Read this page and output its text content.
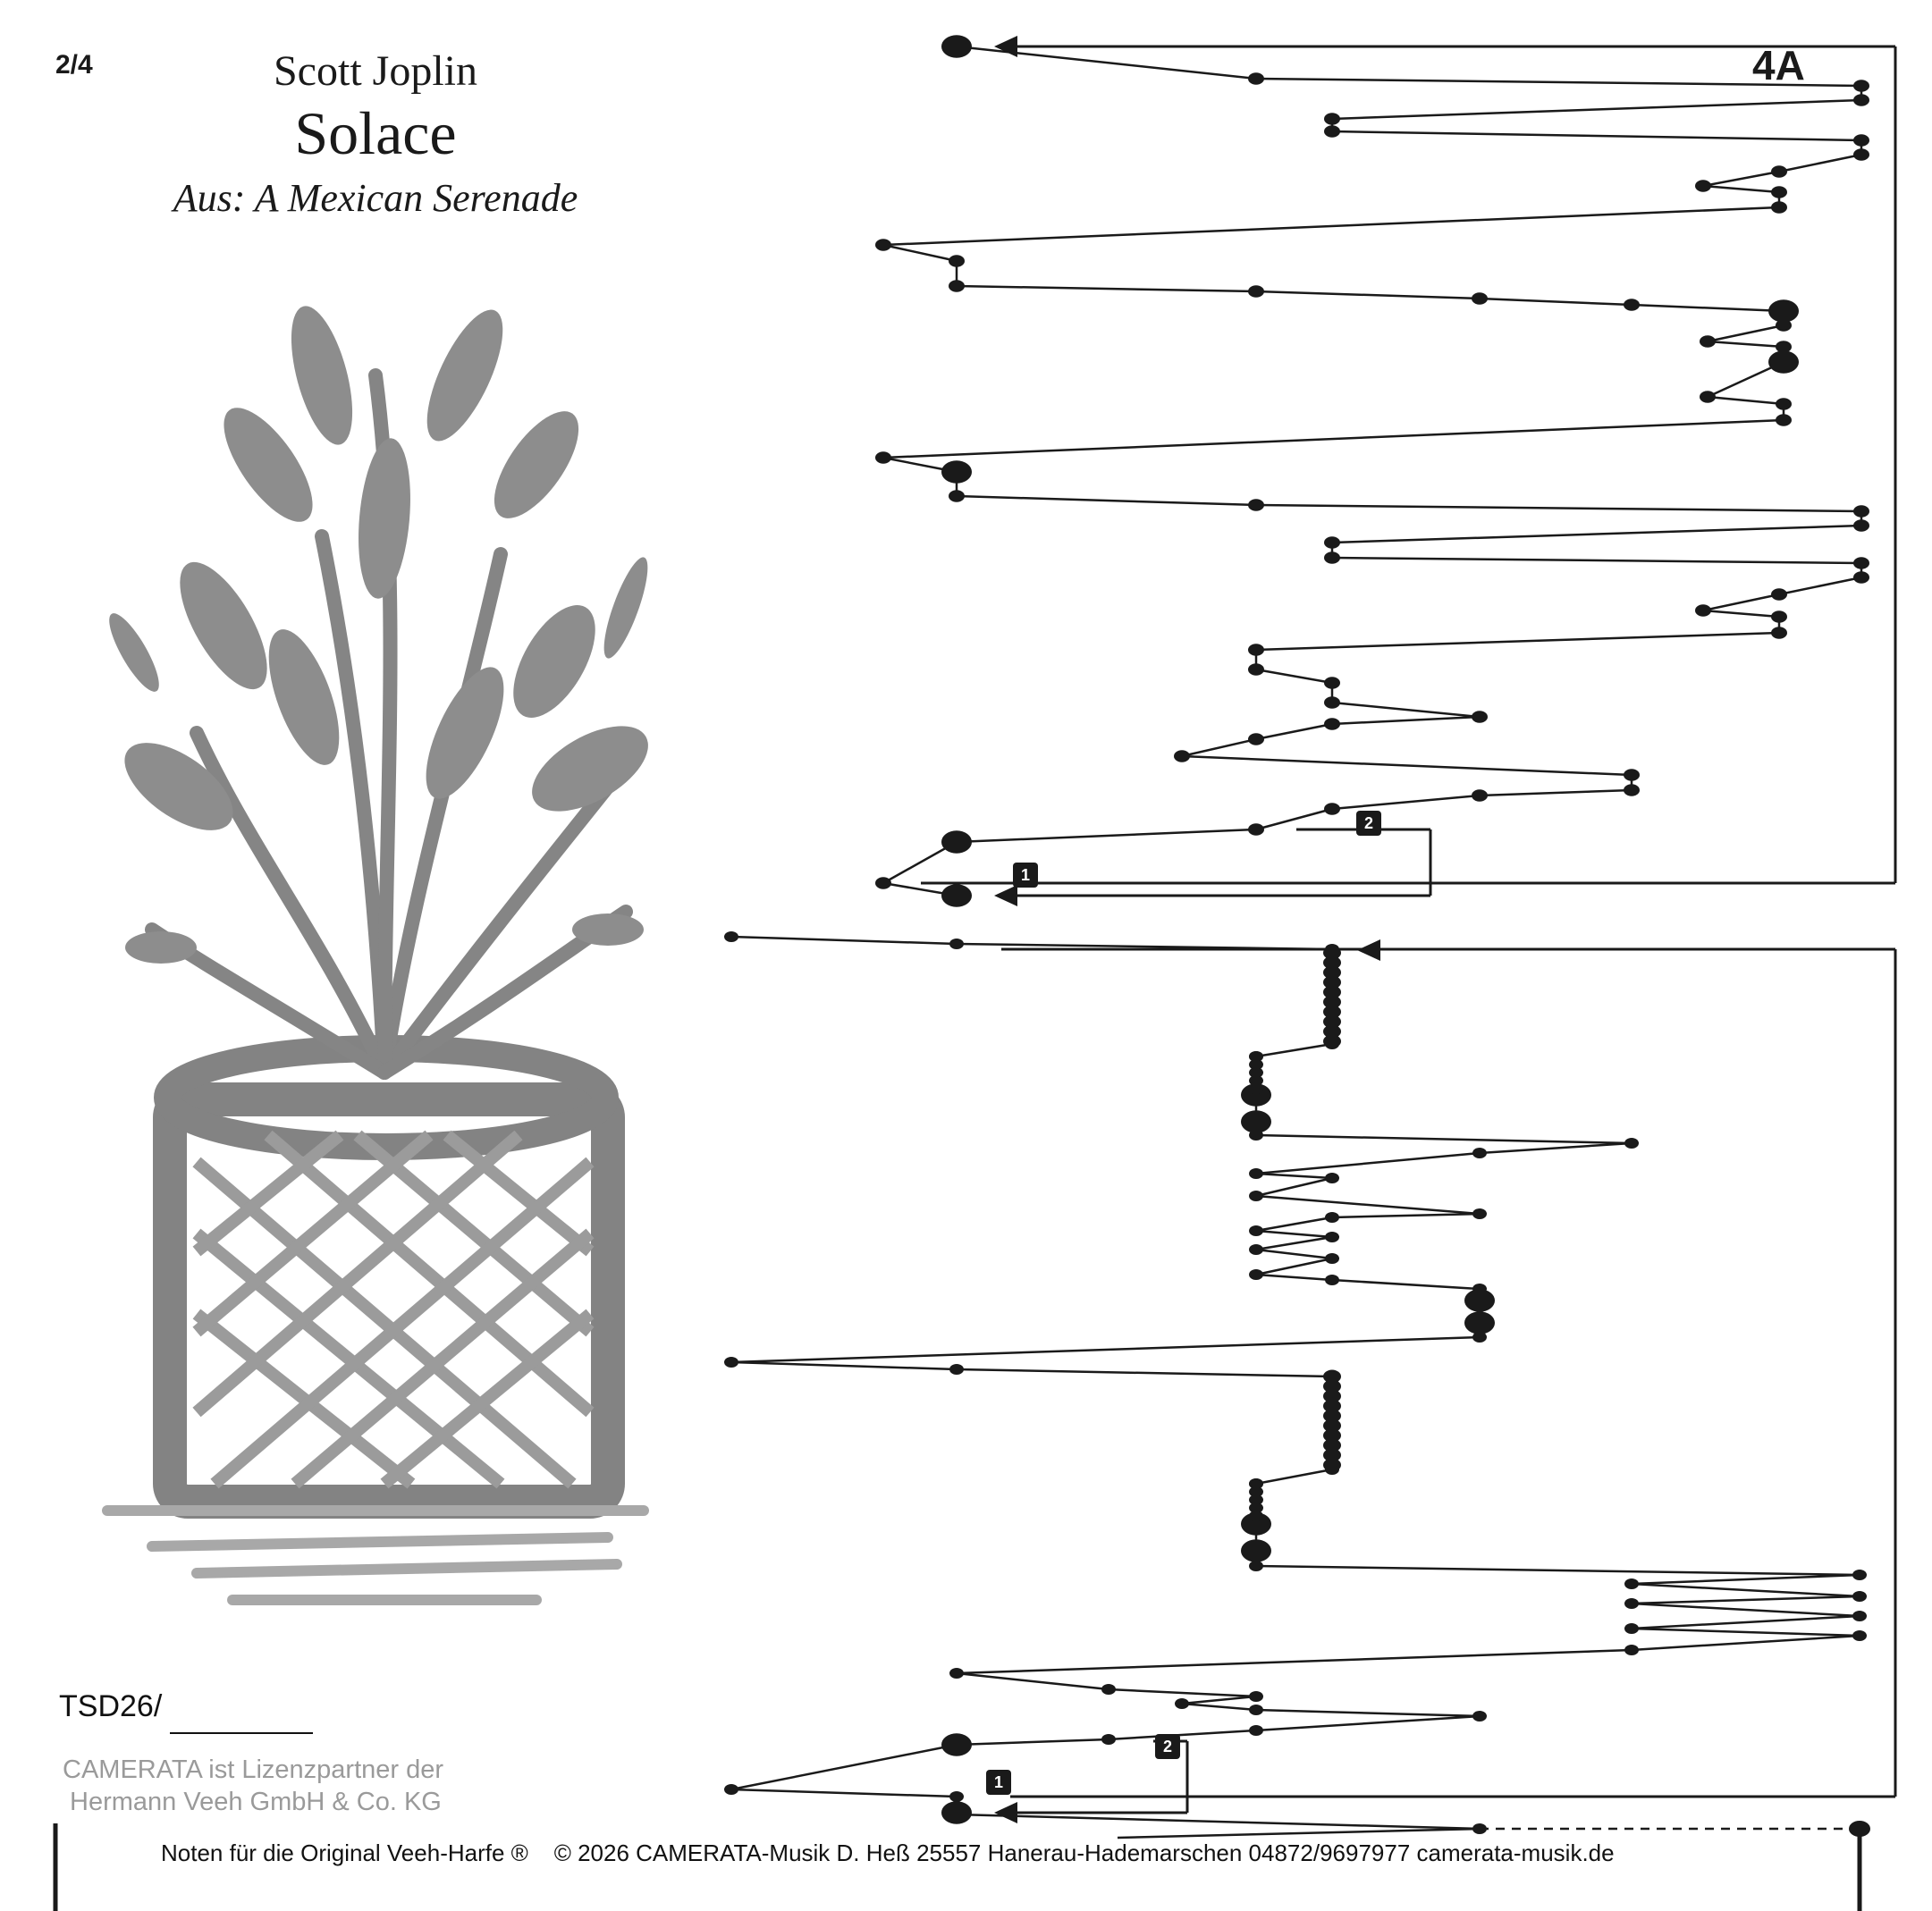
2/4	Scott Joplin
Solace
Aus: A Mexican Serenade
4A
2
1
2
1
TSD26/
CAMERATA ist Lizenzpartner der
Hermann Veeh GmbH & Co. KG
Noten für die Original Veeh-Harfe ®    © 2026 CAMERATA-Musik D. Heß 25557 Hanerau-Hademarschen 04872/9697977 camerata-musik.de
